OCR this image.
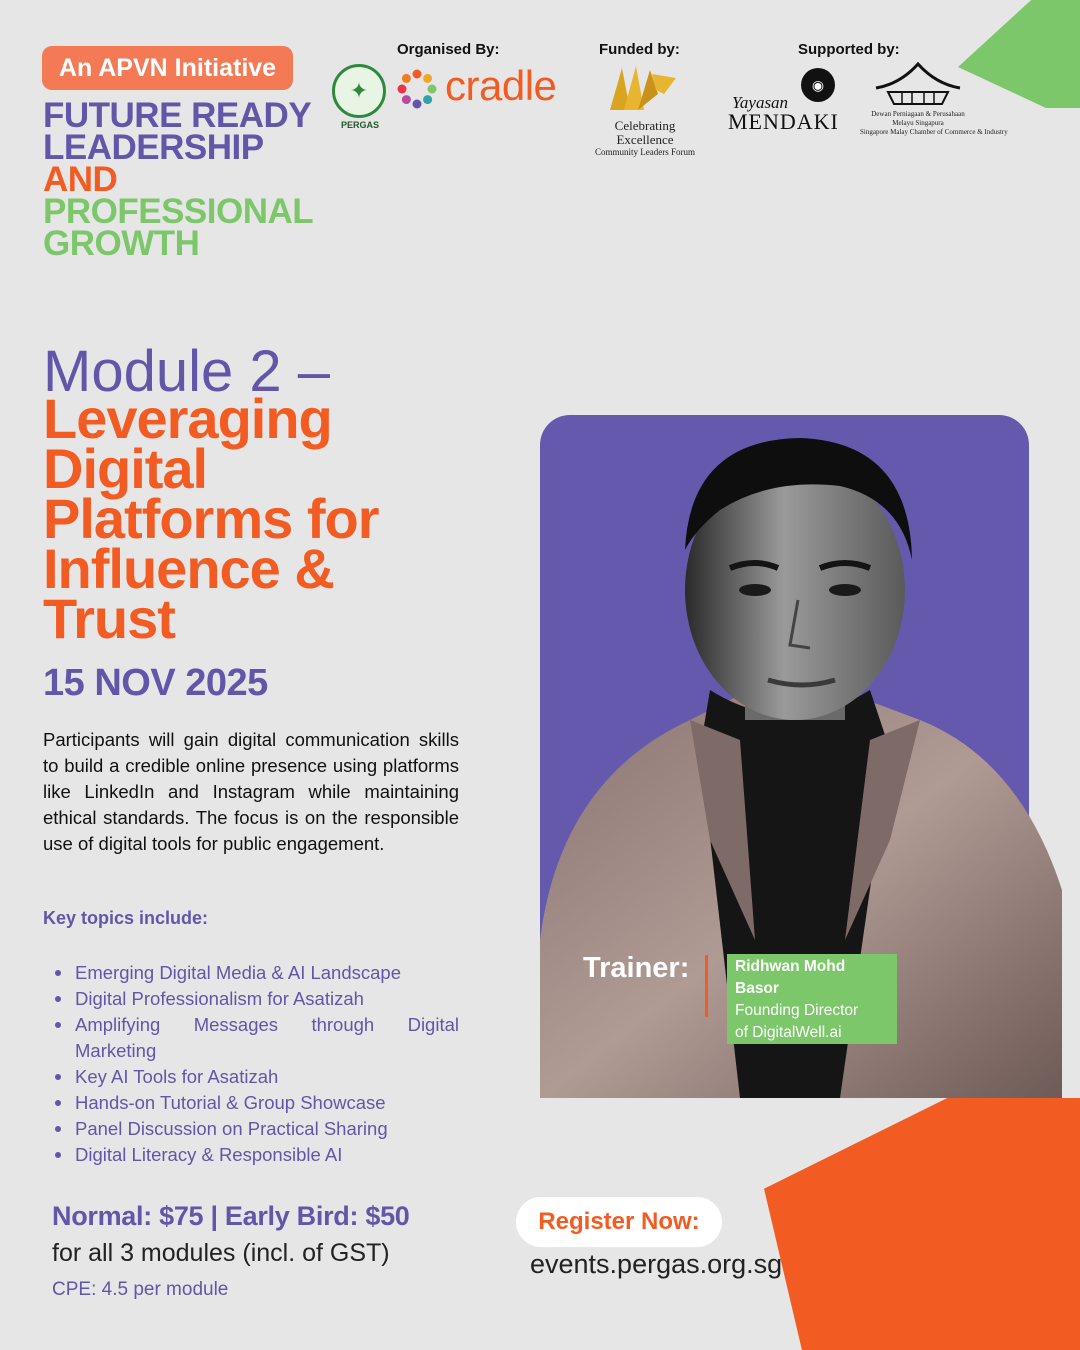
An APVN Initiative
FUTURE READY
LEADERSHIP
AND
PROFESSIONAL
GROWTH
Organised By:	Funded by:	Supported by:
✦
PERGAS
cradle
Celebrating Excellence
Community Leaders Forum
◉
Yayasan
MENDAKI	Dewan Perniagaan & Perusahaan
Melayu Singapura
Singapore Malay Chamber of Commerce & Industry
Module 2 –
Leveraging
Digital
Platforms for
Influence &
Trust
15 NOV 2025

Participants will gain digital communication skills to build a credible online presence using platforms like LinkedIn and Instagram while maintaining ethical standards. The focus is on the responsible use of digital tools for public engagement.

Key topics include:
Emerging Digital Media & AI Landscape
Digital Professionalism for Asatizah
Amplifying Messages through Digital Marketing
Key AI Tools for Asatizah
Hands-on Tutorial & Group Showcase
Panel Discussion on Practical Sharing
Digital Literacy & Responsible AI
Normal: $75 | Early Bird: $50
for all 3 modules (incl. of GST)
CPE: 4.5 per module
Register Now:
events.pergas.org.sg
Trainer:	Ridhwan Mohd
Basor
Founding Director
of DigitalWell.ai
